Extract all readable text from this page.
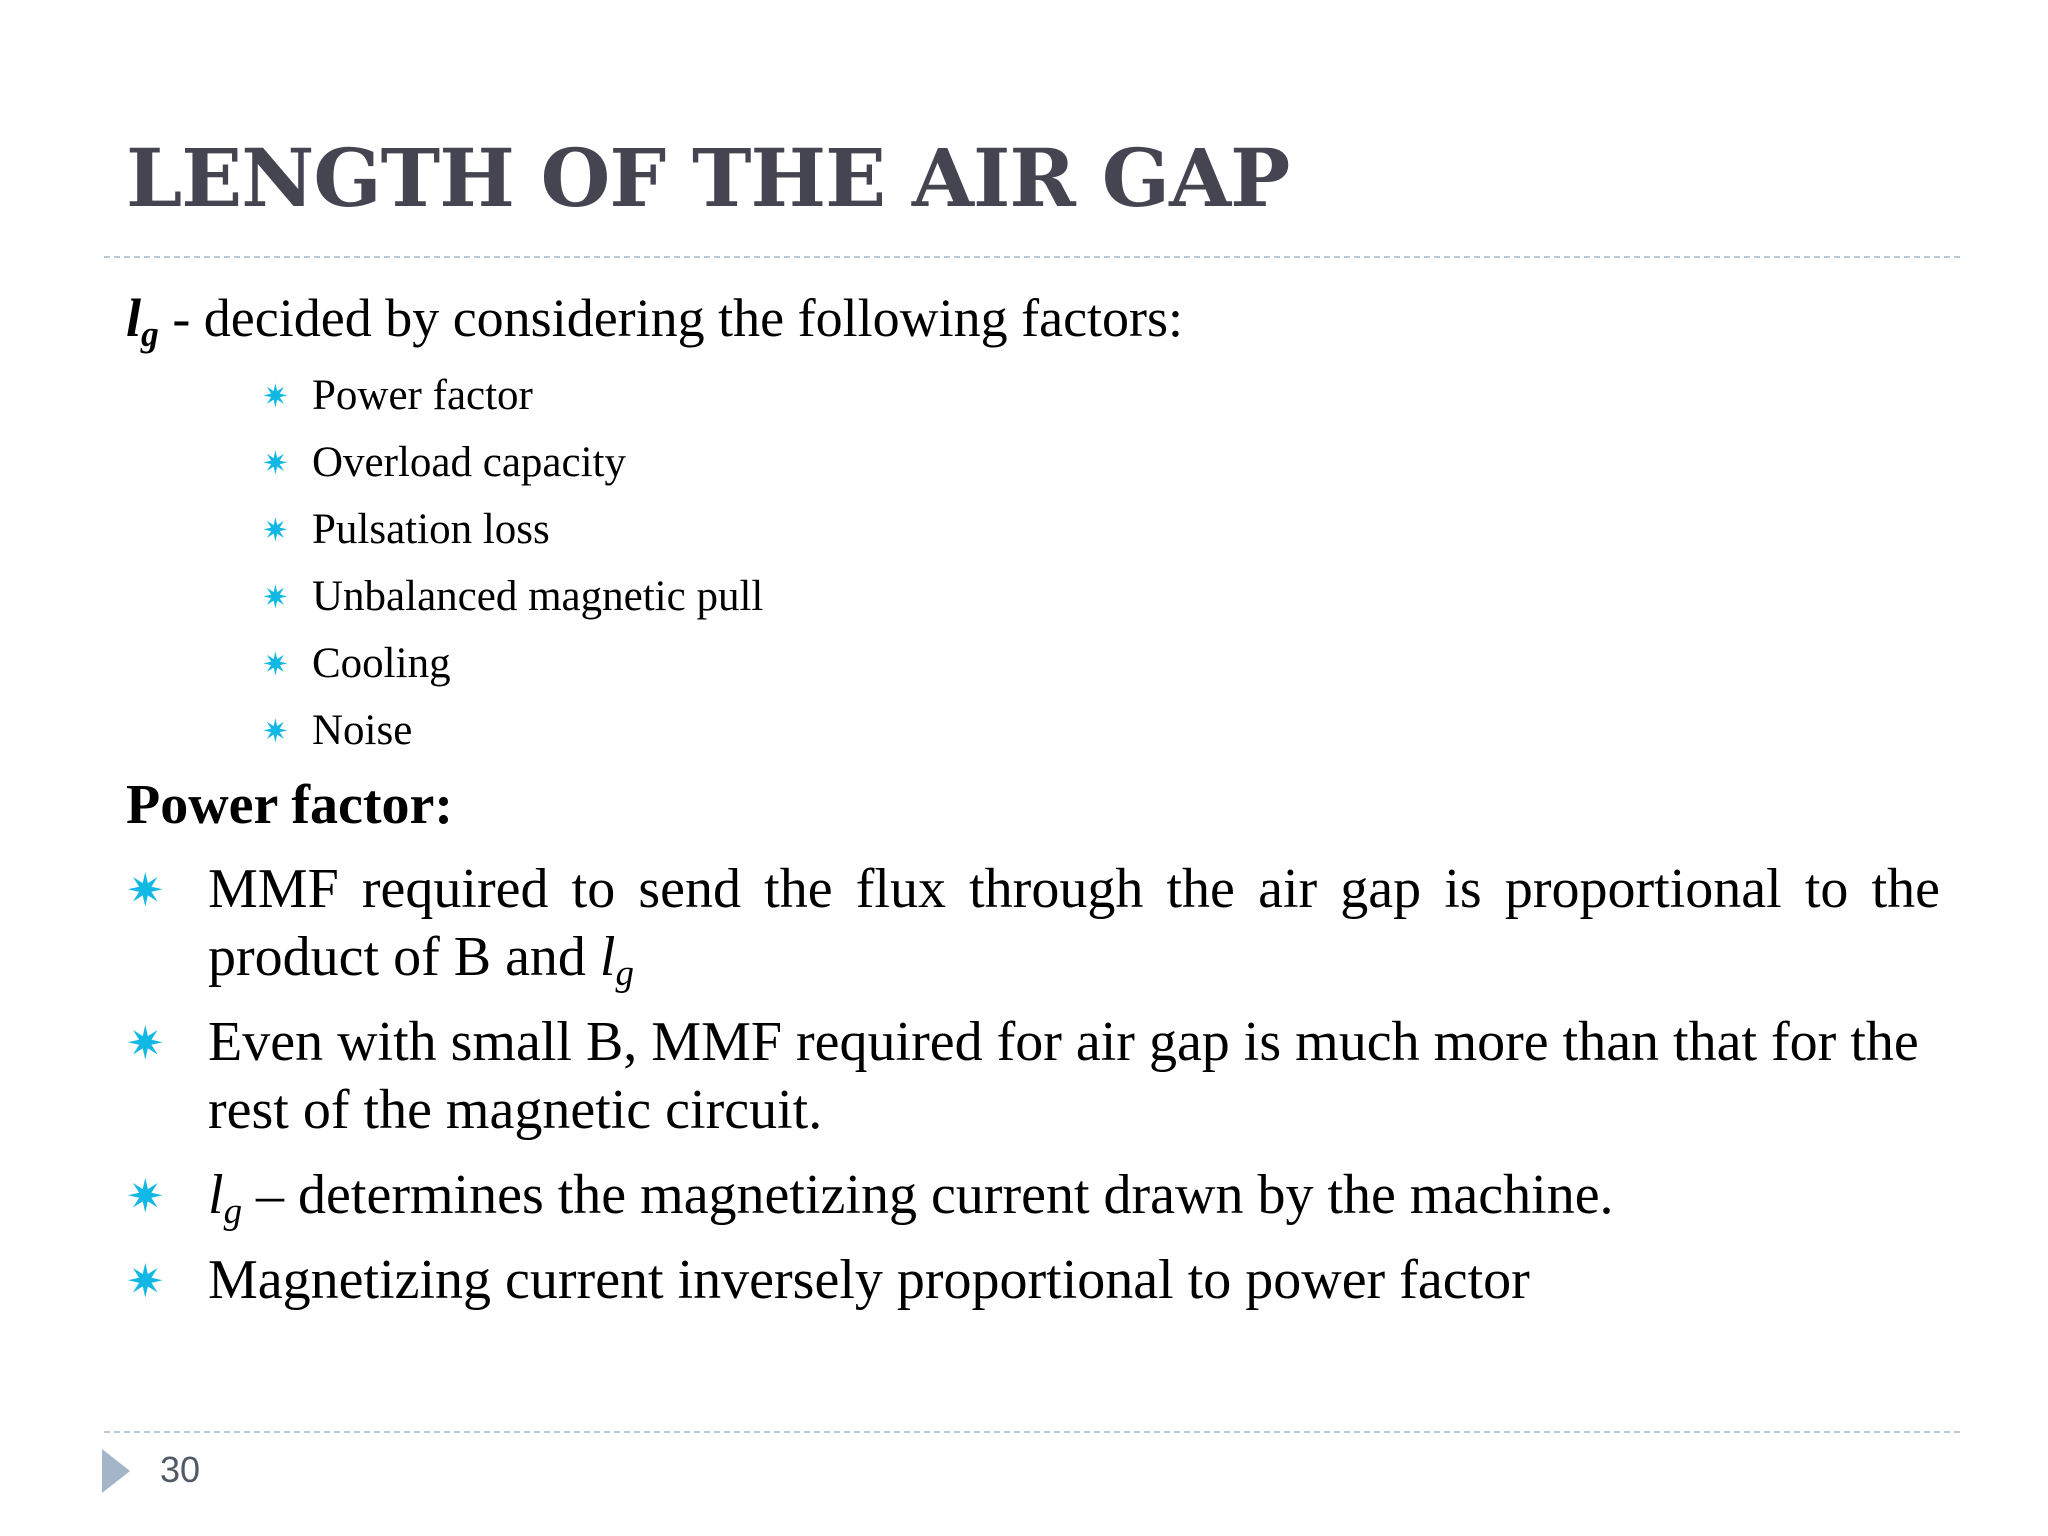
LENGTH OF THE AIR GAP
lg - decided by considering the following factors:
✷ Power factor
✷ Overload capacity
✷ Pulsation loss
✷ Unbalanced magnetic pull
✷ Cooling
✷ Noise
Power factor:
✷ MMF required to send the flux through the air gap is proportional to the product of B and lg
✷ Even with small B, MMF required for air gap is much more than that for the rest of the magnetic circuit.
✷ lg – determines the magnetizing current drawn by the machine.
✷ Magnetizing current inversely proportional to power factor
30
